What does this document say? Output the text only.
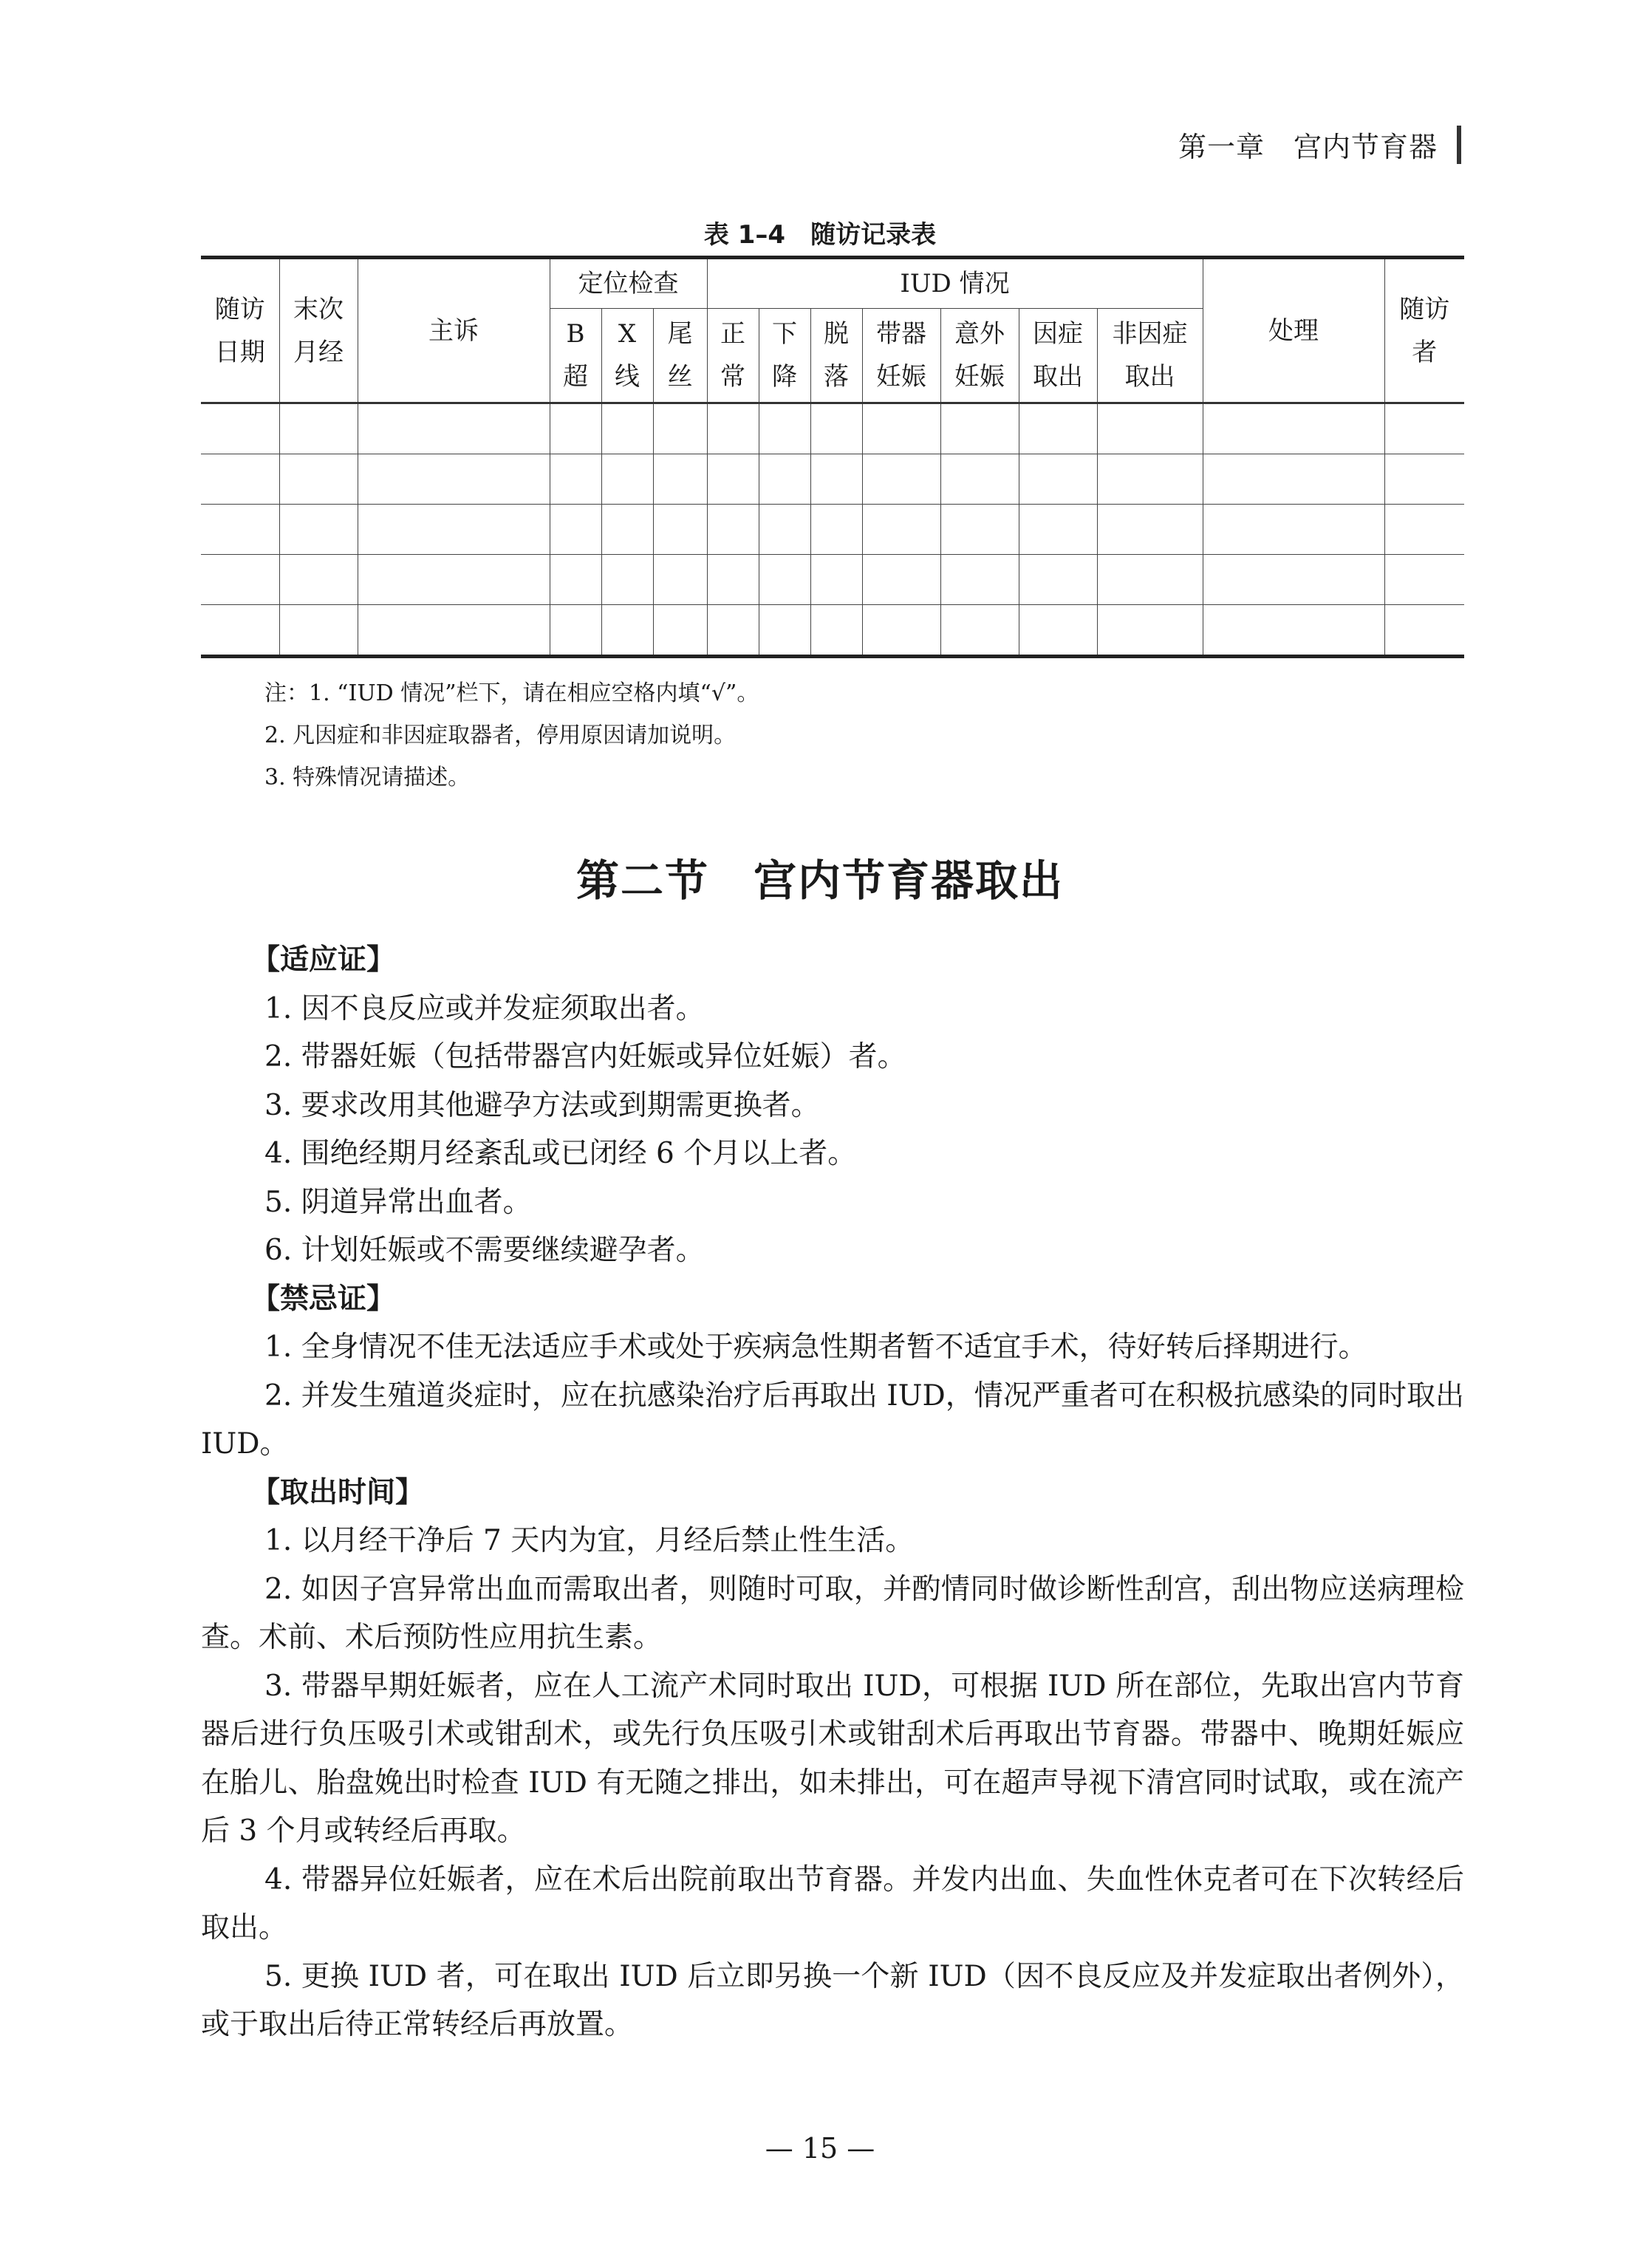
第一章　宫内节育器
表 1–4　随访记录表
随访日期	末次月经	主诉	定位检查			IUD 情况							处理	随访者
			B超	X线	尾丝	正常	下降	脱落	带器妊娠	意外妊娠	因症取出	非因症取出		

注：1. “IUD 情况”栏下，请在相应空格内填“√”。
2. 凡因症和非因症取器者，停用原因请加说明。
3. 特殊情况请描述。
第二节　宫内节育器取出

【适应证】

1. 因不良反应或并发症须取出者。

2. 带器妊娠（包括带器宫内妊娠或异位妊娠）者。

3. 要求改用其他避孕方法或到期需更换者。

4. 围绝经期月经紊乱或已闭经 6 个月以上者。

5. 阴道异常出血者。

6. 计划妊娠或不需要继续避孕者。

【禁忌证】

1. 全身情况不佳无法适应手术或处于疾病急性期者暂不适宜手术，待好转后择期进行。

2. 并发生殖道炎症时，应在抗感染治疗后再取出 IUD，情况严重者可在积极抗感染的同时取出 IUD。

【取出时间】

1. 以月经干净后 7 天内为宜，月经后禁止性生活。

2. 如因子宫异常出血而需取出者，则随时可取，并酌情同时做诊断性刮宫，刮出物应送病理检查。术前、术后预防性应用抗生素。

3. 带器早期妊娠者，应在人工流产术同时取出 IUD，可根据 IUD 所在部位，先取出宫内节育器后进行负压吸引术或钳刮术，或先行负压吸引术或钳刮术后再取出节育器。带器中、晚期妊娠应在胎儿、胎盘娩出时检查 IUD 有无随之排出，如未排出，可在超声导视下清宫同时试取，或在流产后 3 个月或转经后再取。

4. 带器异位妊娠者，应在术后出院前取出节育器。并发内出血、失血性休克者可在下次转经后取出。

5. 更换 IUD 者，可在取出 IUD 后立即另换一个新 IUD（因不良反应及并发症取出者例外），或于取出后待正常转经后再放置。

— 15 —
